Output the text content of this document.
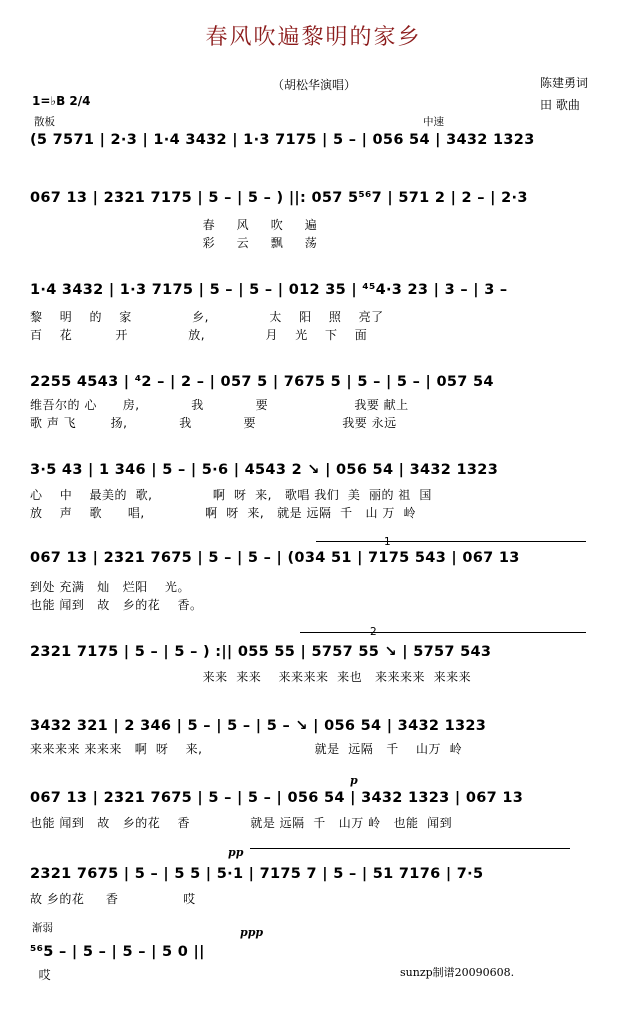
春风吹遍黎明的家乡
（胡松华演唱）	陈建勇词
田 歌曲
1=♭B 2/4
散板	中速
(5 7571 | 2·3 | 1·4 3432 | 1·3 7175 | 5 – | 056 54 | 3432 1323
067 13 | 2321 7175 | 5 – | 5 – ) ||: 057 5⁵⁶7 | 571 2 | 2 – | 2·3
春     风     吹     遍
彩     云     飘     荡
1·4 3432 | 1·3 7175 | 5 – | 5 – | 012 35 | ⁴⁵4·3 23 | 3 – | 3 –
黎    明    的    家              乡,              太    阳    照    亮了
百    花          开              放,              月    光    下    面
2255 4543 | ⁴2 – | 2 – | 057 5 | 7675 5 | 5 – | 5 – | 057 54
维吾尔的 心      房,            我            要                    我要 献上
歌 声 飞        扬,            我            要                    我要 永远
3·5 43 | 1 346 | 5 – | 5·6 | 4543 2 ↘ | 056 54 | 3432 1323
心    中    最美的  歌,              啊  呀  来,   歌唱 我们  美  丽的 祖  国
放    声    歌      唱,              啊  呀  来,   就是 远隔  千   山 万  岭
1
067 13 | 2321 7675 | 5 – | 5 – | (034 51 | 7175 543 | 067 13
到处 充满   灿   烂阳    光。
也能 闻到   故   乡的花    香。
2
2321 7175 | 5 – | 5 – ) :|| 055 55 | 5757 55 ↘ | 5757 543
来来  来来    来来来来  来也   来来来来  来来来
3432 321 | 2 346 | 5 – | 5 – | 5 – ↘ | 056 54 | 3432 1323
来来来来 来来来   啊  呀    来,                          就是  远隔   千    山万  岭
p
067 13 | 2321 7675 | 5 – | 5 – | 056 54 | 3432 1323 | 067 13
也能 闻到   故   乡的花    香              就是 远隔  千   山万 岭   也能  闻到
pp
2321 7675 | 5 – | 5 5 | 5·1 | 7175 7 | 5 – | 51 7176 | 7·5
故 乡的花     香               哎
渐弱	ppp
⁵⁶5 – | 5 – | 5 – | 5 0 ||
哎	sunzp制谱20090608.
